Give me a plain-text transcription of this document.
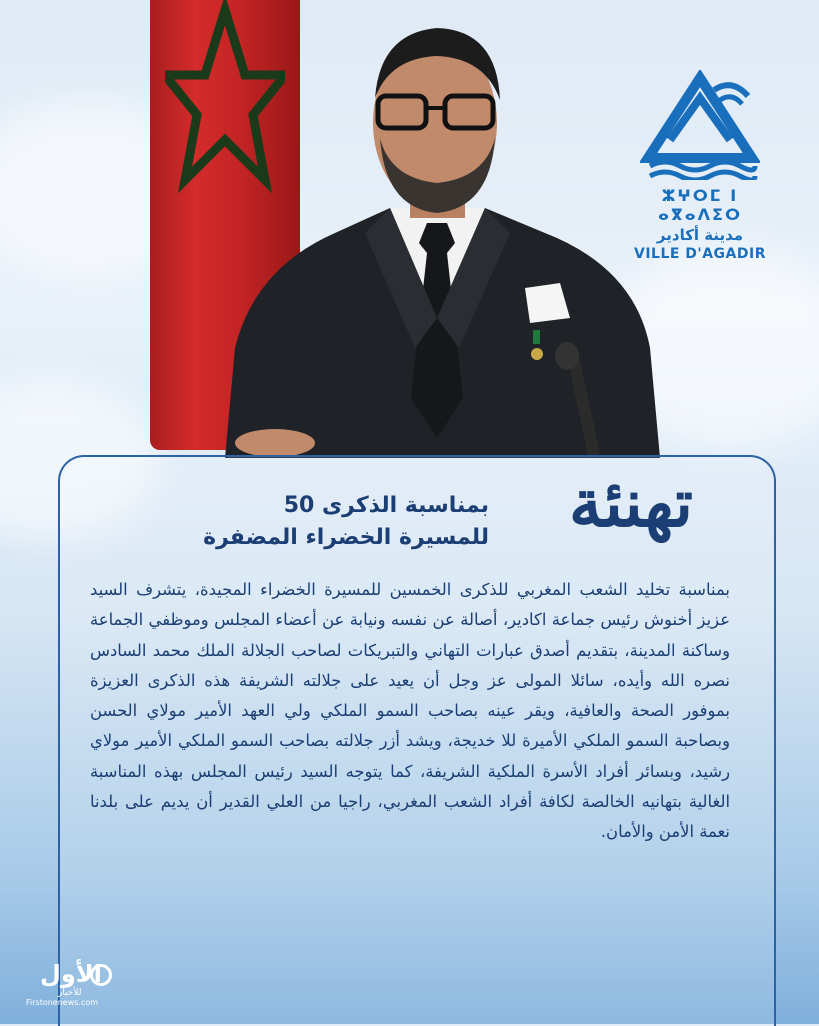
ⵣⵖⵔⵎ ⵏ ⴰⴳⴰⴷⵉⵔ
مدينة أكادير
VILLE D'AGADIR
تهنئة
بمناسبة الذكرى 50
للمسيرة الخضراء المضفرة
بمناسبة تخليد الشعب المغربي للذكرى الخمسين للمسيرة الخضراء المجيدة، يتشرف السيد عزيز أخنوش رئيس جماعة اكادير، أصالة عن نفسه ونيابة عن أعضاء المجلس وموظفي الجماعة وساكنة المدينة، بتقديم أصدق عبارات التهاني والتبريكات لصاحب الجلالة الملك محمد السادس نصره الله وأيده، سائلا المولى عز وجل أن يعيد على جلالته الشريفة هذه الذكرى العزيزة بموفور الصحة والعافية، ويقر عينه بصاحب السمو الملكي ولي العهد الأمير مولاي الحسن وبصاحبة السمو الملكي الأميرة للا خديجة، ويشد أزر جلالته بصاحب السمو الملكي الأمير مولاي رشيد، وبسائر أفراد الأسرة الملكية الشريفة، كما يتوجه السيد رئيس المجلس بهذه المناسبة الغالية بتهانيه الخالصة لكافة أفراد الشعب المغربي، راجيا من العلي القدير أن يديم على بلدنا نعمة الأمن والأمان.
الأول
للأخبار
Firstonenews.com
